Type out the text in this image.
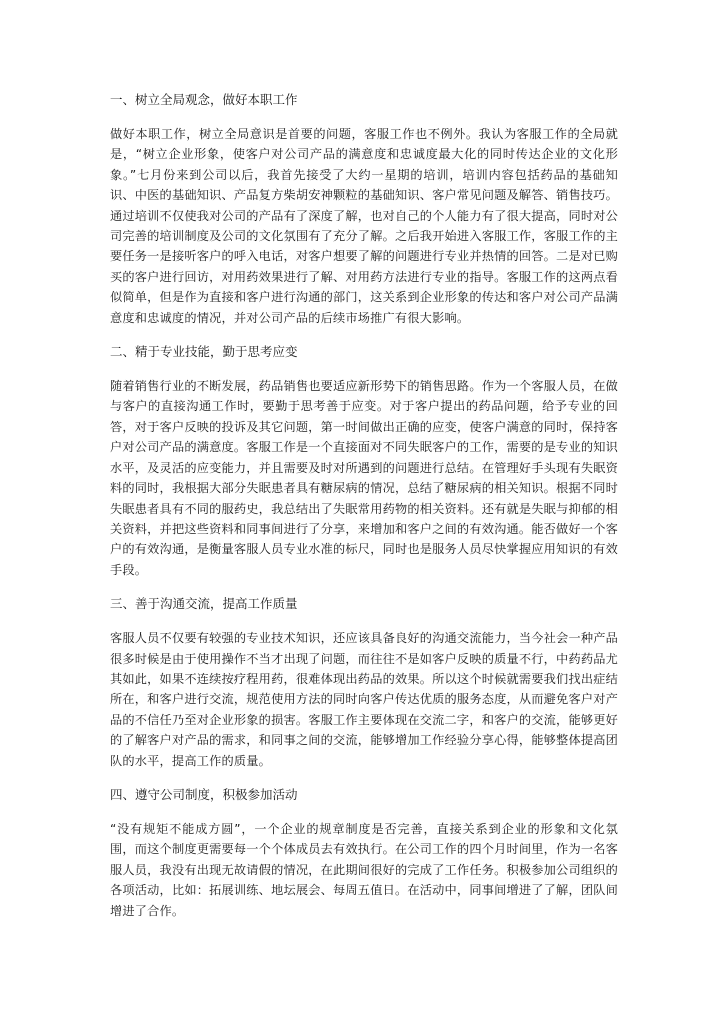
一、树立全局观念，做好本职工作

做好本职工作，树立全局意识是首要的问题，客服工作也不例外。我认为客服工作的全局就是，“树立企业形象，使客户对公司产品的满意度和忠诚度最大化的同时传达企业的文化形象。”七月份来到公司以后，我首先接受了大约一星期的培训，培训内容包括药品的基础知识、中医的基础知识、产品复方柴胡安神颗粒的基础知识、客户常见问题及解答、销售技巧。通过培训不仅使我对公司的产品有了深度了解，也对自己的个人能力有了很大提高，同时对公司完善的培训制度及公司的文化氛围有了充分了解。之后我开始进入客服工作，客服工作的主要任务一是接听客户的呼入电话，对客户想要了解的问题进行专业并热情的回答。二是对已购买的客户进行回访，对用药效果进行了解、对用药方法进行专业的指导。客服工作的这两点看似简单，但是作为直接和客户进行沟通的部门，这关系到企业形象的传达和客户对公司产品满意度和忠诚度的情况，并对公司产品的后续市场推广有很大影响。

二、精于专业技能，勤于思考应变

随着销售行业的不断发展，药品销售也要适应新形势下的销售思路。作为一个客服人员，在做与客户的直接沟通工作时，要勤于思考善于应变。对于客户提出的药品问题，给予专业的回答，对于客户反映的投诉及其它问题，第一时间做出正确的应变，使客户满意的同时，保持客户对公司产品的满意度。客服工作是一个直接面对不同失眠客户的工作，需要的是专业的知识水平，及灵活的应变能力，并且需要及时对所遇到的问题进行总结。在管理好手头现有失眠资料的同时，我根据大部分失眠患者具有糖尿病的情况，总结了糖尿病的相关知识。根据不同时失眠患者具有不同的服药史，我总结出了失眠常用药物的相关资料。还有就是失眠与抑郁的相关资料，并把这些资料和同事间进行了分享，来增加和客户之间的有效沟通。能否做好一个客户的有效沟通，是衡量客服人员专业水准的标尺，同时也是服务人员尽快掌握应用知识的有效手段。

三、善于沟通交流，提高工作质量

客服人员不仅要有较强的专业技术知识，还应该具备良好的沟通交流能力，当今社会一种产品很多时候是由于使用操作不当才出现了问题，而往往不是如客户反映的质量不行，中药药品尤其如此，如果不连续按疗程用药，很难体现出药品的效果。所以这个时候就需要我们找出症结所在，和客户进行交流，规范使用方法的同时向客户传达优质的服务态度，从而避免客户对产品的不信任乃至对企业形象的损害。客服工作主要体现在交流二字，和客户的交流，能够更好的了解客户对产品的需求，和同事之间的交流，能够增加工作经验分享心得，能够整体提高团队的水平，提高工作的质量。

四、遵守公司制度，积极参加活动

“没有规矩不能成方圆”，一个企业的规章制度是否完善，直接关系到企业的形象和文化氛围，而这个制度更需要每一个个体成员去有效执行。在公司工作的四个月时间里，作为一名客服人员，我没有出现无故请假的情况，在此期间很好的完成了工作任务。积极参加公司组织的各项活动，比如：拓展训练、地坛展会、每周五值日。在活动中，同事间增进了了解，团队间增进了合作。
